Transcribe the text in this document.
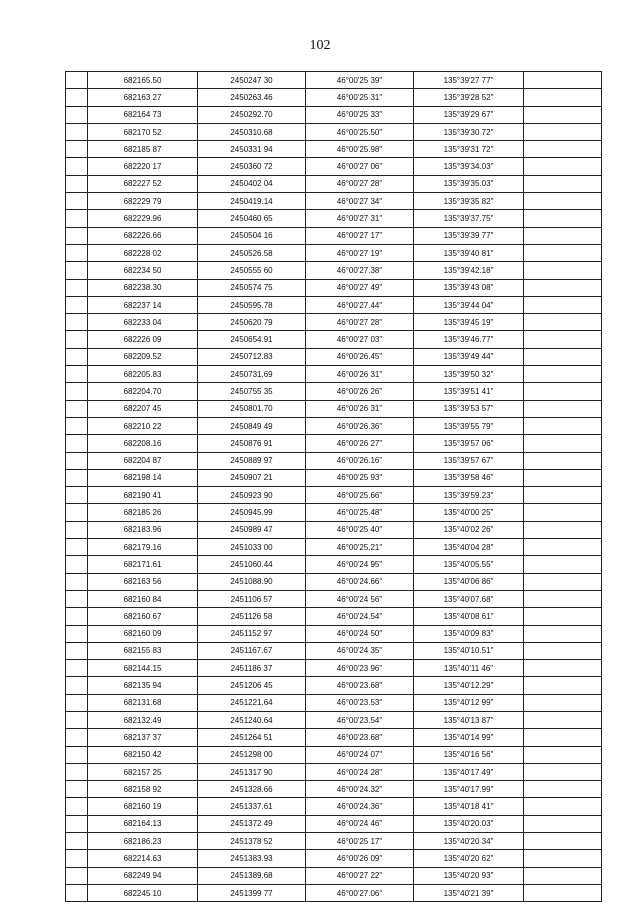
102
	682165.50	2450247 30	46°00'25 39"	135°39'27 77"	
	682163 27	2450263.46	46°00'25 31"	135°39'28 52"	
	682164 73	2450292.70	46°00'25 33"	135°39'29 67"	
	682170 52	2450310.68	46°00'25.50"	135°39'30 72"	
	682185 87	2450331 94	46°00'25.98"	135°39'31 72"	
	682220 17	2450360 72	46°00'27 06"	135°39'34.03"	
	682227 52	2450402 04	46°00'27 28"	135°39'35.03"	
	682229 79	2450419.14	46°00'27 34"	135°39'35 82"	
	682229.96	2450460 65	46°00'27 31"	135°39'37.75"	
	682226.66	2450504 16	46°00'27 17"	135°39'39 77"	
	682228 02	2450526.58	46°00'27 19"	135°39'40 81"	
	682234 50	2450555 60	46°00'27.38"	135°39'42.18"	
	682238.30	2450574 75	46°00'27 49"	135°39'43 08"	
	682237 14	2450595.78	46°00'27.44"	135°39'44 04"	
	682233 04	2450620 79	46°00'27 28"	135°39'45 19"	
	682226 09	2450654.91	46°00'27 03"	135°39'46.77"	
	682209.52	2450712.83	46°00'26.45"	135°39'49 44"	
	682205.83	2450731.69	46°00'26 31"	135°39'50 32"	
	682204.70	2450755 35	46°00'26 26"	135°39'51 41"	
	682207 45	2450801.70	46°00'26 31"	135°39'53 57"	
	682210 22	2450849 49	46°00'26.36"	135°39'55 79"	
	682208.16	2450876 91	46°00'26 27"	135°39'57 06"	
	682204 87	2450889 97	46°00'26.16"	135°39'57 67"	
	682198 14	2450907 21	46°00'25 93"	135°39'58 46"	
	682190 41	2450923 90	46°00'25.66"	135°39'59.23"	
	682185 26	2450945.99	46°00'25.48"	135°40'00 25"	
	682183.96	2450989 47	46°00'25 40"	135°40'02 26"	
	682179.16	2451033 00	46°00'25.21"	135°40'04 28"	
	682171.61	2451060.44	46°00'24 95"	135°40'05.55"	
	682163 56	2451088.90	46°00'24.66"	135°40'06 86"	
	682160 84	2451106 57	46°00'24 56"	135°40'07.68"	
	682160 67	2451126 58	46°00'24.54"	135°40'08 61"	
	682160 09	2451152 97	46°00'24 50"	135°40'09 83"	
	682155 83	2451167.67	46°00'24 35"	135°40'10.51"	
	682144.15	2451186 37	46°00'23 96"	135°40'11 46"	
	682135 94	2451206 45	46°00'23.68"	135°40'12.29"	
	682131.68	2451221.64	46°00'23.53"	135°40'12 99"	
	682132.49	2451240.64	46°00'23.54"	135°40'13 87"	
	682137 37	2451264 51	46°00'23.68"	135°40'14 99"	
	682150 42	2451298 00	46°00'24 07"	135°40'16 56"	
	682157 25	2451317 90	46°00'24 28"	135°40'17 49"	
	682158 92	2451328.66	46°00'24.32"	135°40'17.99"	
	682160 19	2451337.61	46°00'24.36"	135°40'18 41"	
	682164.13	2451372 49	46°00'24 46"	135°40'20.03"	
	682186.23	2451378 52	46°00'25 17"	135°40'20 34"	
	682214.63	2451383.93	46°00'26 09"	135°40'20 62"	
	682249 94	2451389.68	46°00'27 22"	135°40'20 93"	
	682245 10	2451399 77	46°00'27.06"	135°40'21 39"	
